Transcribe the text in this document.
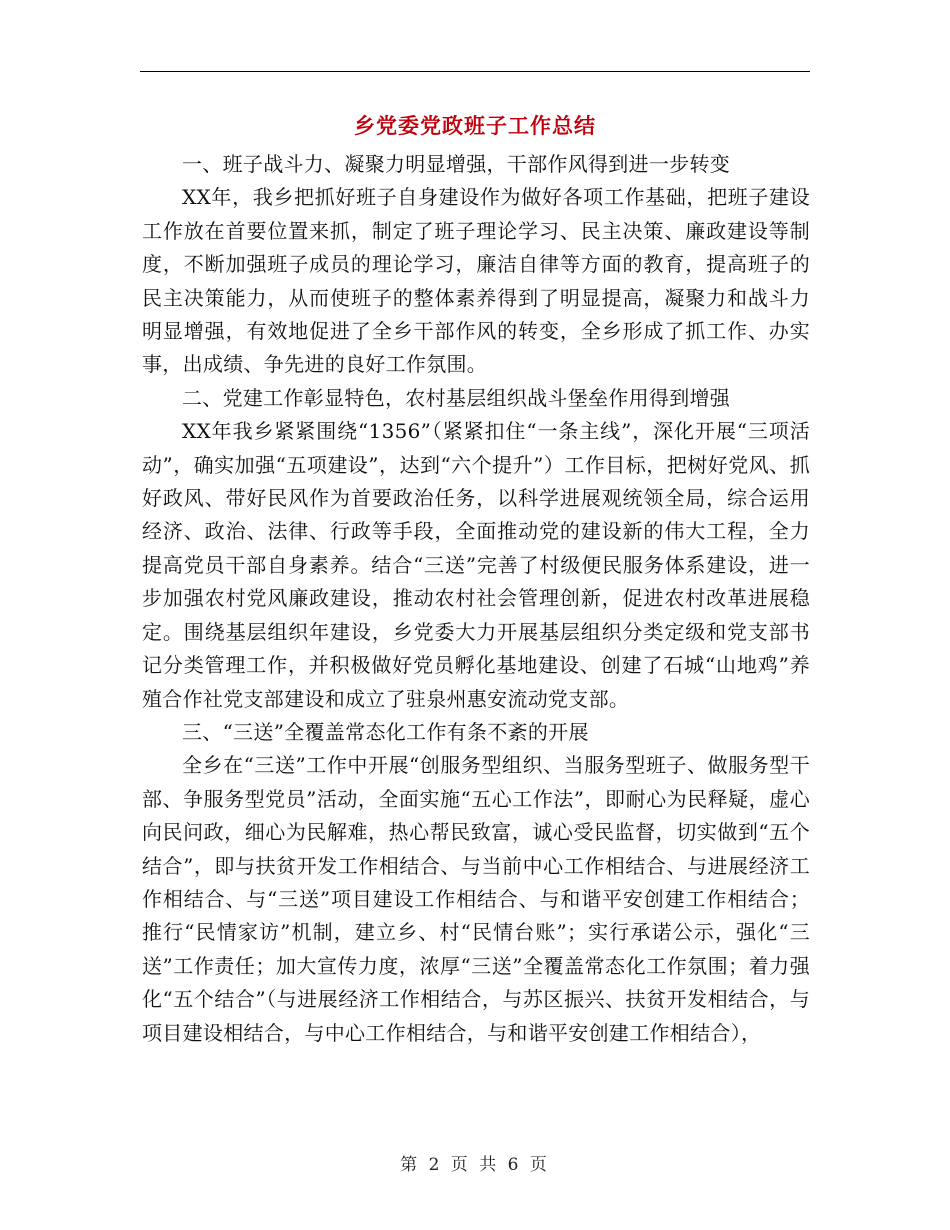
乡党委党政班子工作总结

一、班子战斗力、凝聚力明显增强，干部作风得到进一步转变

XX年，我乡把抓好班子自身建设作为做好各项工作基础，把班子建设工作放在首要位置来抓，制定了班子理论学习、民主决策、廉政建设等制度，不断加强班子成员的理论学习，廉洁自律等方面的教育，提高班子的民主决策能力，从而使班子的整体素养得到了明显提高，凝聚力和战斗力明显增强，有效地促进了全乡干部作风的转变，全乡形成了抓工作、办实事，出成绩、争先进的良好工作氛围。

二、党建工作彰显特色，农村基层组织战斗堡垒作用得到增强

XX年我乡紧紧围绕“1356”（紧紧扣住“一条主线”，深化开展“三项活动”，确实加强“五项建设”，达到“六个提升”）工作目标，把树好党风、抓好政风、带好民风作为首要政治任务，以科学进展观统领全局，综合运用经济、政治、法律、行政等手段，全面推动党的建设新的伟大工程，全力提高党员干部自身素养。结合“三送”完善了村级便民服务体系建设，进一步加强农村党风廉政建设，推动农村社会管理创新，促进农村改革进展稳定。围绕基层组织年建设，乡党委大力开展基层组织分类定级和党支部书记分类管理工作，并积极做好党员孵化基地建设、创建了石城“山地鸡”养殖合作社党支部建设和成立了驻泉州惠安流动党支部。

三、“三送”全覆盖常态化工作有条不紊的开展

全乡在“三送”工作中开展“创服务型组织、当服务型班子、做服务型干部、争服务型党员”活动，全面实施“五心工作法”，即耐心为民释疑，虚心向民问政，细心为民解难，热心帮民致富，诚心受民监督，切实做到“五个结合”，即与扶贫开发工作相结合、与当前中心工作相结合、与进展经济工作相结合、与“三送”项目建设工作相结合、与和谐平安创建工作相结合；推行“民情家访”机制，建立乡、村“民情台账”；实行承诺公示，强化“三送”工作责任；加大宣传力度，浓厚“三送”全覆盖常态化工作氛围；着力强化“五个结合”（与进展经济工作相结合，与苏区振兴、扶贫开发相结合，与项目建设相结合，与中心工作相结合，与和谐平安创建工作相结合），

第 2 页 共 6 页
